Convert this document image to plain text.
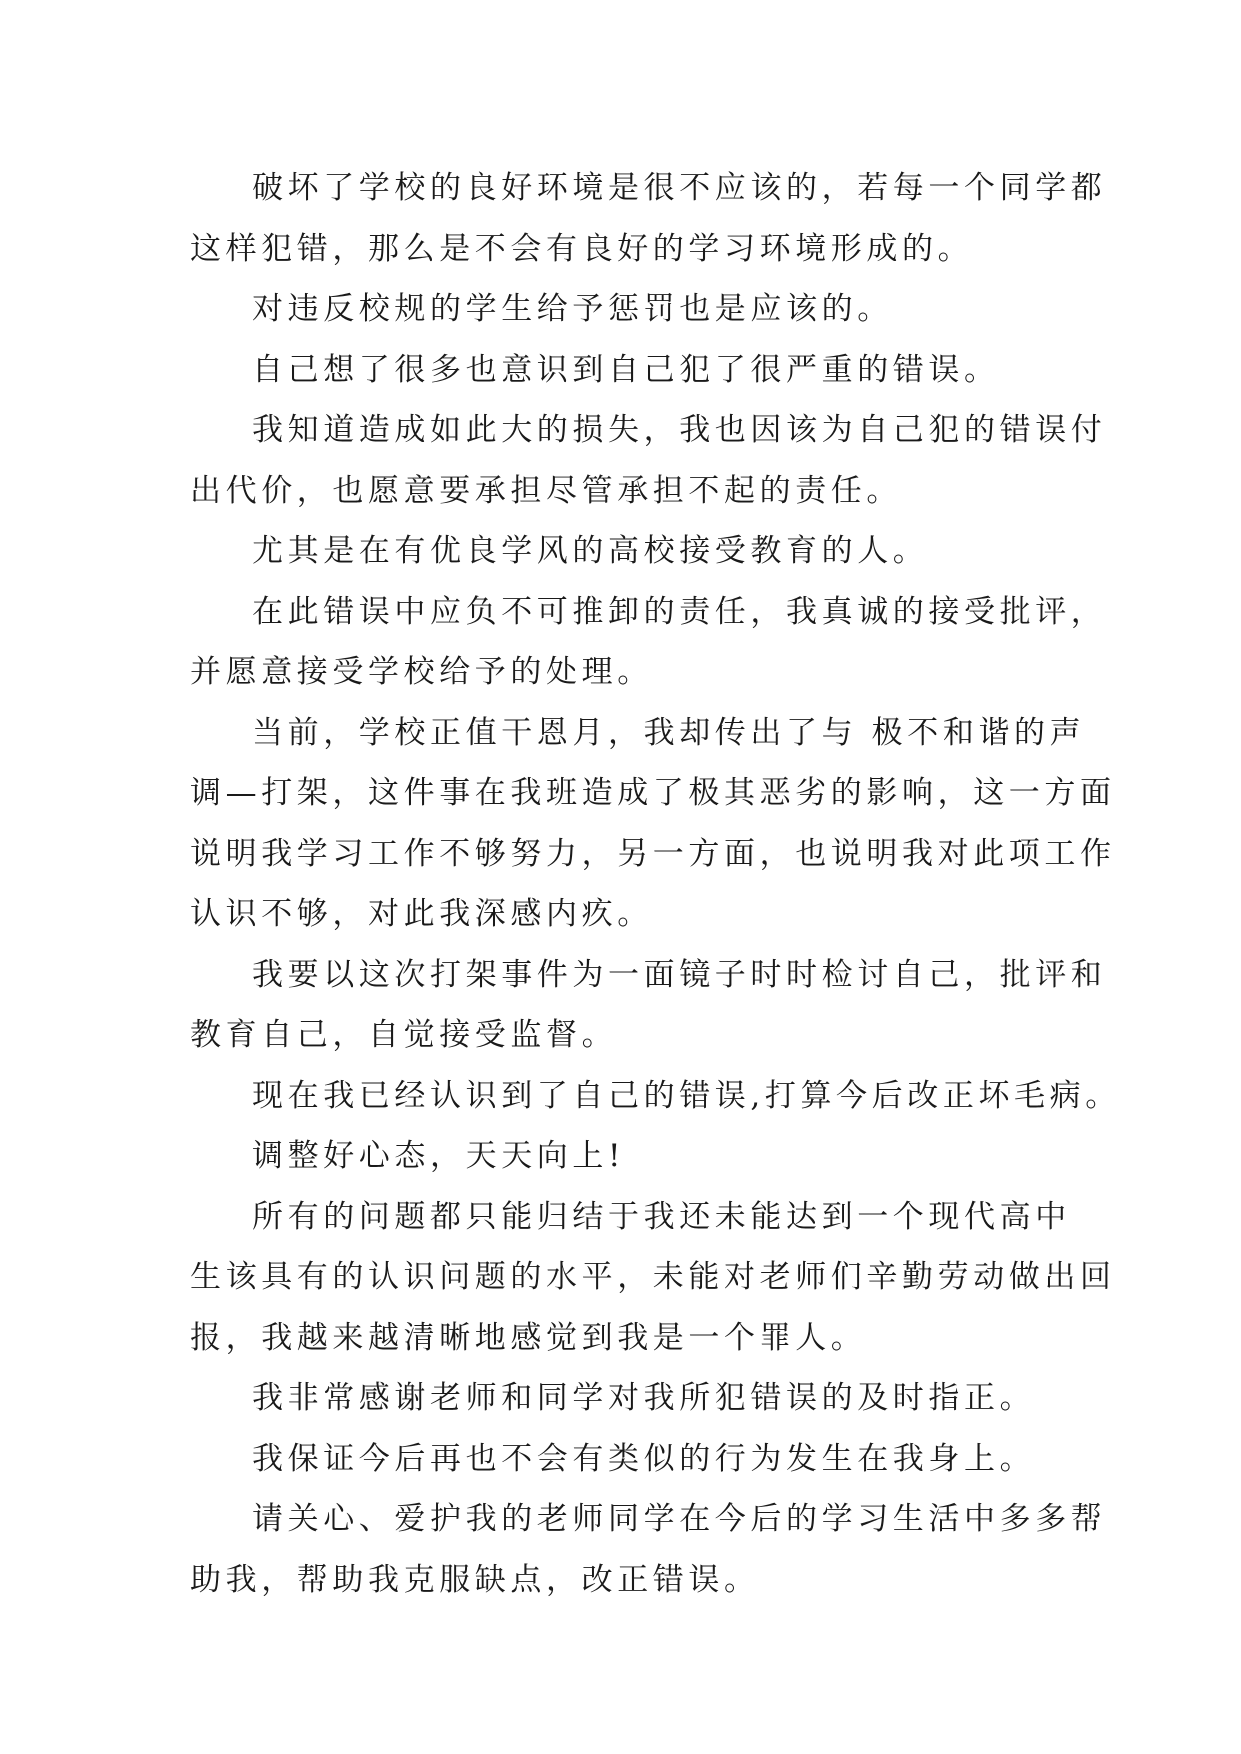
破坏了学校的良好环境是很不应该的，若每一个同学都
这样犯错，那么是不会有良好的学习环境形成的。
对违反校规的学生给予惩罚也是应该的。
自己想了很多也意识到自己犯了很严重的错误。
我知道造成如此大的损失，我也因该为自己犯的错误付
出代价，也愿意要承担尽管承担不起的责任。
尤其是在有优良学风的高校接受教育的人。
在此错误中应负不可推卸的责任，我真诚的接受批评，
并愿意接受学校给予的处理。
当前，学校正值干恩月，我却传出了与 极不和谐的声
调—打架，这件事在我班造成了极其恶劣的影响，这一方面
说明我学习工作不够努力，另一方面，也说明我对此项工作
认识不够，对此我深感内疚。
我要以这次打架事件为一面镜子时时检讨自己，批评和
教育自己，自觉接受监督。
现在我已经认识到了自己的错误,打算今后改正坏毛病。
调整好心态，天天向上!
所有的问题都只能归结于我还未能达到一个现代高中
生该具有的认识问题的水平，未能对老师们辛勤劳动做出回
报，我越来越清晰地感觉到我是一个罪人。
我非常感谢老师和同学对我所犯错误的及时指正。
我保证今后再也不会有类似的行为发生在我身上。
请关心、爱护我的老师同学在今后的学习生活中多多帮
助我，帮助我克服缺点，改正错误。
